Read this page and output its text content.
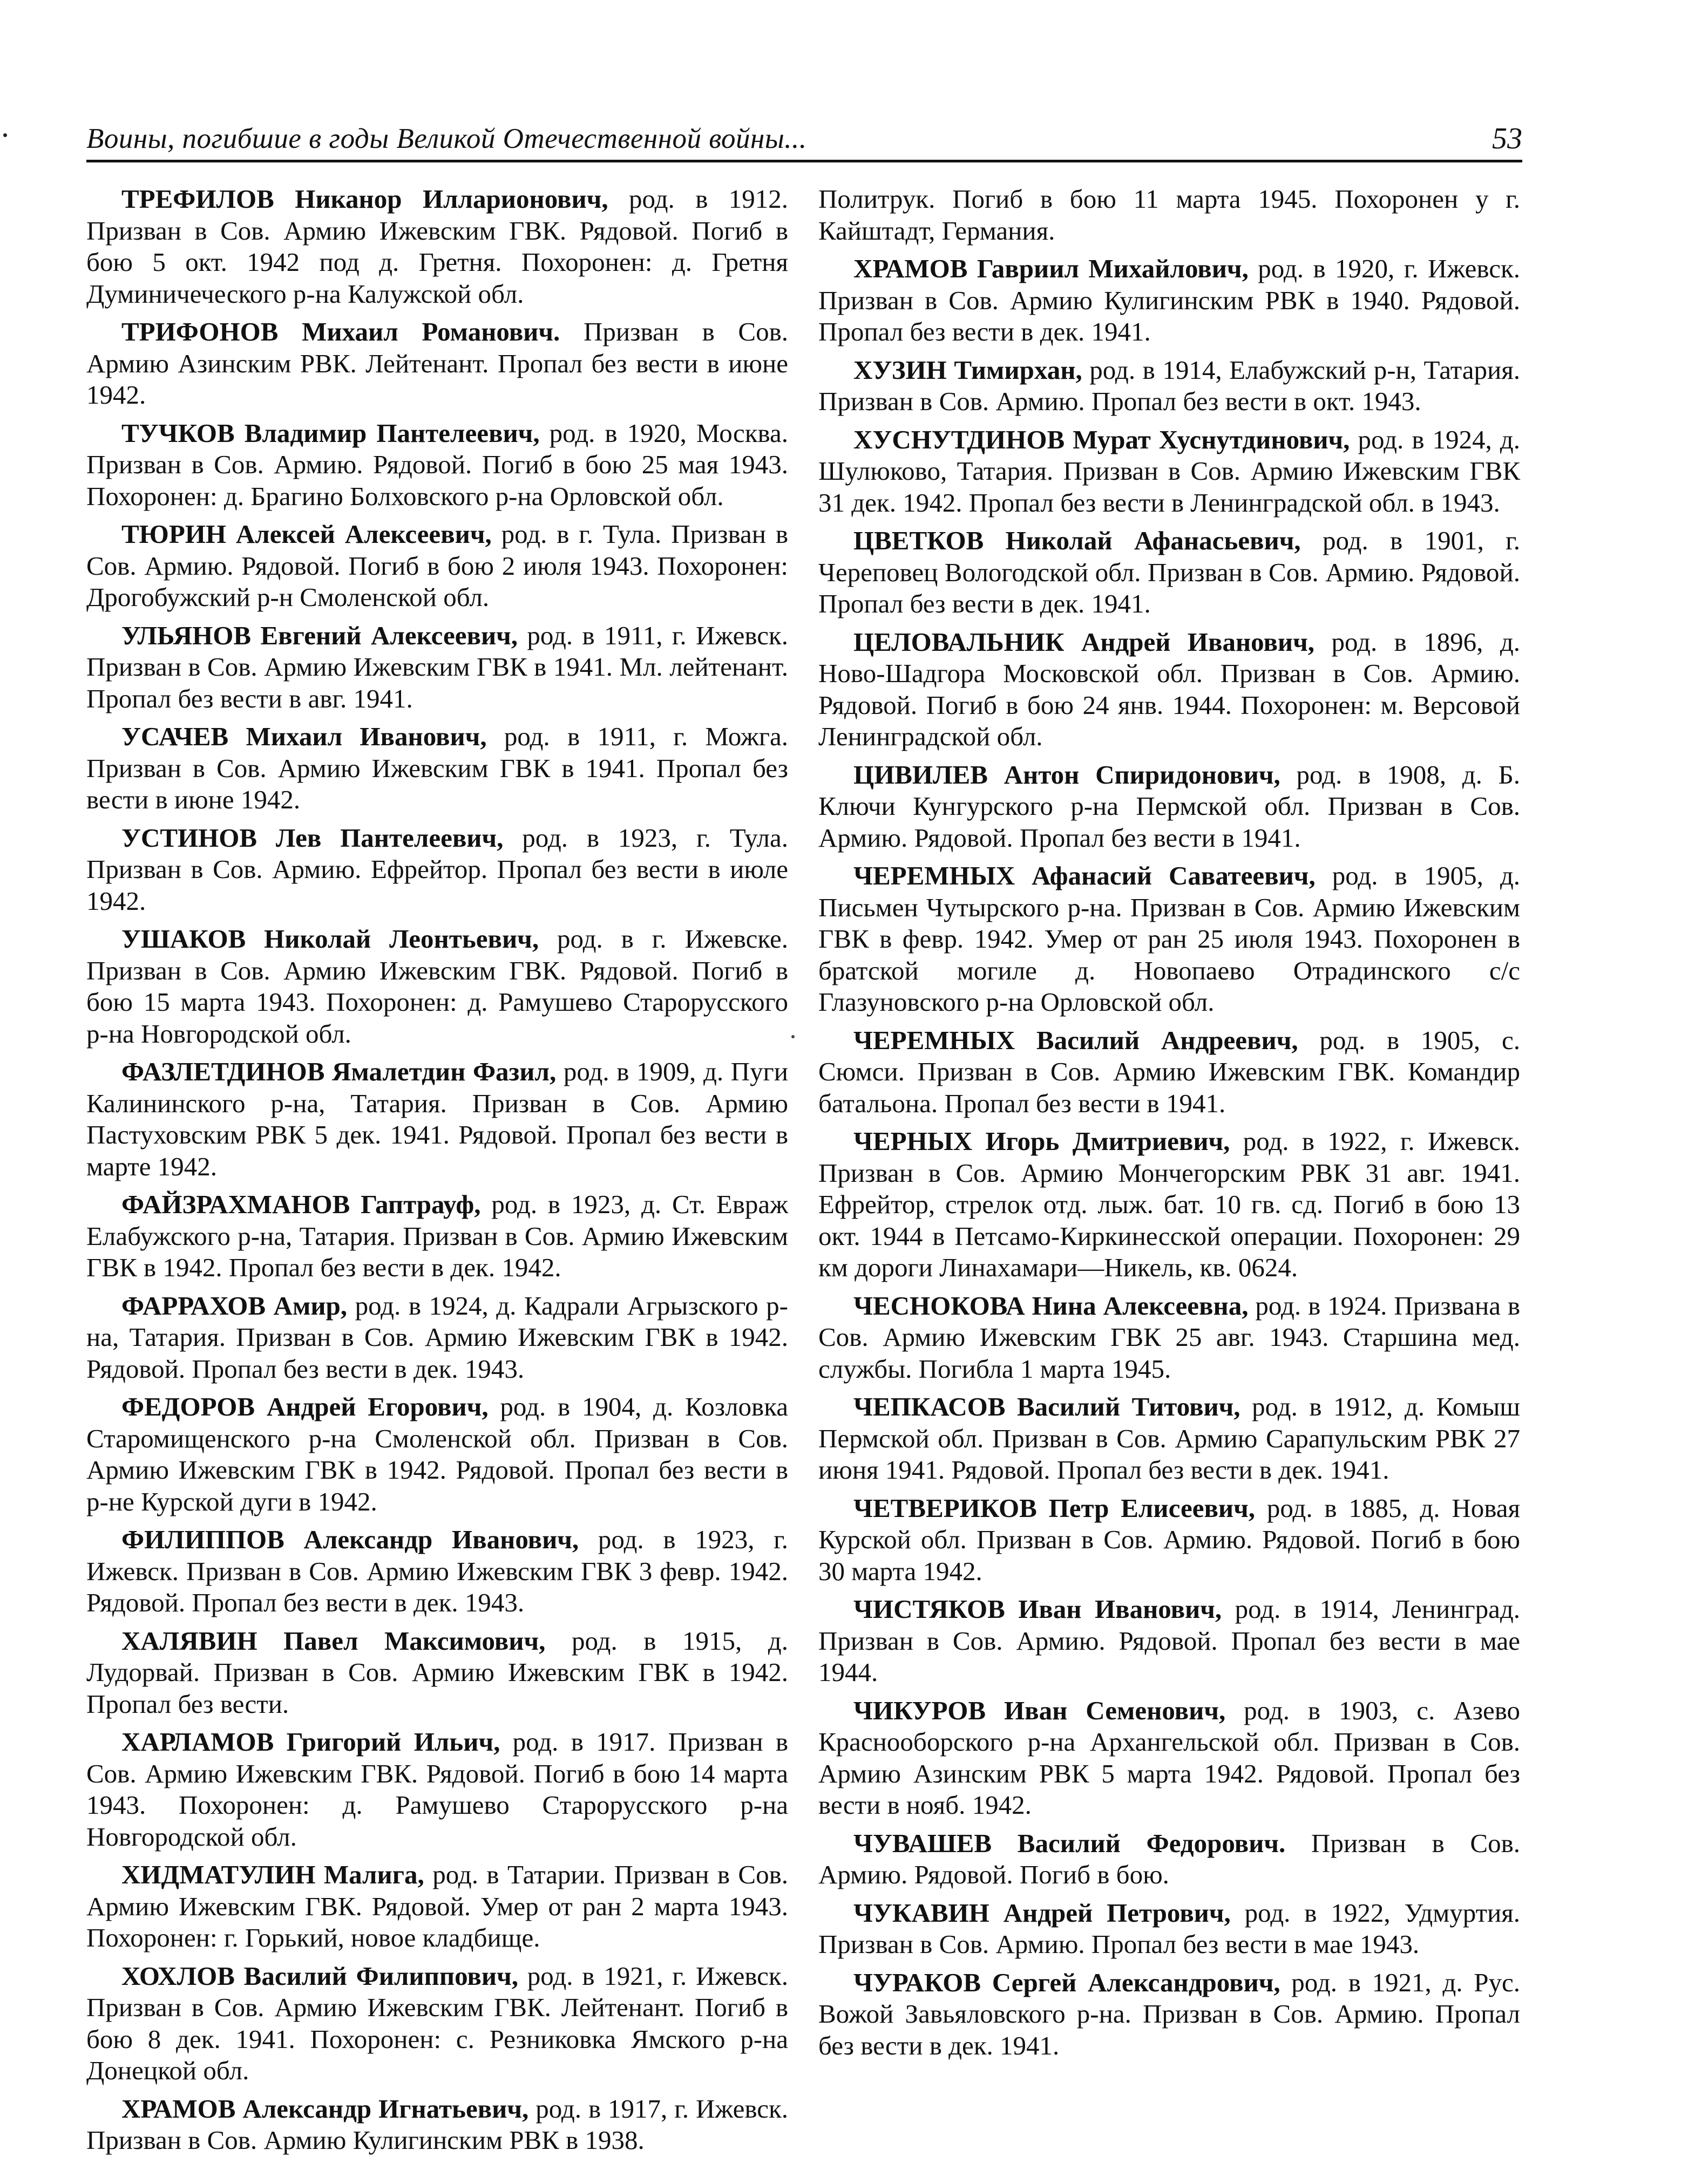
Воины, погибшие в годы Великой Отечественной войны...	53

ТРЕФИЛОВ Никанор Илларионович, род. в 1912. Призван в Сов. Армию Ижевским ГВК. Рядовой. Погиб в бою 5 окт. 1942 под д. Гретня. Похоронен: д. Гретня Думиничеческого р-на Калужской обл.

ТРИФОНОВ Михаил Романович. Призван в Сов. Армию Азинским РВК. Лейтенант. Пропал без вести в июне 1942.

ТУЧКОВ Владимир Пантелеевич, род. в 1920, Москва. Призван в Сов. Армию. Рядовой. Погиб в бою 25 мая 1943. Похоронен: д. Брагино Болховского р-на Орловской обл.

ТЮРИН Алексей Алексеевич, род. в г. Тула. Призван в Сов. Армию. Рядовой. Погиб в бою 2 июля 1943. Похоронен: Дрогобужский р-н Смоленской обл.

УЛЬЯНОВ Евгений Алексеевич, род. в 1911, г. Ижевск. Призван в Сов. Армию Ижевским ГВК в 1941. Мл. лейтенант. Пропал без вести в авг. 1941.

УСАЧЕВ Михаил Иванович, род. в 1911, г. Можга. Призван в Сов. Армию Ижевским ГВК в 1941. Пропал без вести в июне 1942.

УСТИНОВ Лев Пантелеевич, род. в 1923, г. Тула. Призван в Сов. Армию. Ефрейтор. Пропал без вести в июле 1942.

УШАКОВ Николай Леонтьевич, род. в г. Ижевске. Призван в Сов. Армию Ижевским ГВК. Рядовой. Погиб в бою 15 марта 1943. Похоронен: д. Рамушево Старорусского р-на Новгородской обл.

ФАЗЛЕТДИНОВ Ямалетдин Фазил, род. в 1909, д. Пуги Калининского р-на, Татария. Призван в Сов. Армию Пастуховским РВК 5 дек. 1941. Рядовой. Пропал без вести в марте 1942.

ФАЙЗРАХМАНОВ Гаптрауф, род. в 1923, д. Ст. Евраж Елабужского р-на, Татария. Призван в Сов. Армию Ижевским ГВК в 1942. Пропал без вести в дек. 1942.

ФАРРАХОВ Амир, род. в 1924, д. Кадрали Агрызского р-на, Татария. Призван в Сов. Армию Ижевским ГВК в 1942. Рядовой. Пропал без вести в дек. 1943.

ФЕДОРОВ Андрей Егорович, род. в 1904, д. Козловка Старомищенского р-на Смоленской обл. Призван в Сов. Армию Ижевским ГВК в 1942. Рядовой. Пропал без вести в р-не Курской дуги в 1942.

ФИЛИППОВ Александр Иванович, род. в 1923, г. Ижевск. Призван в Сов. Армию Ижевским ГВК 3 февр. 1942. Рядовой. Пропал без вести в дек. 1943.

ХАЛЯВИН Павел Максимович, род. в 1915, д. Лудорвай. Призван в Сов. Армию Ижевским ГВК в 1942. Пропал без вести.

ХАРЛАМОВ Григорий Ильич, род. в 1917. Призван в Сов. Армию Ижевским ГВК. Рядовой. Погиб в бою 14 марта 1943. Похоронен: д. Рамушево Старорусского р-на Новгородской обл.

ХИДМАТУЛИН Малига, род. в Татарии. Призван в Сов. Армию Ижевским ГВК. Рядовой. Умер от ран 2 марта 1943. Похоронен: г. Горький, новое кладбище.

ХОХЛОВ Василий Филиппович, род. в 1921, г. Ижевск. Призван в Сов. Армию Ижевским ГВК. Лейтенант. Погиб в бою 8 дек. 1941. Похоронен: с. Резниковка Ямского р-на Донецкой обл.

ХРАМОВ Александр Игнатьевич, род. в 1917, г. Ижевск. Призван в Сов. Армию Кулигинским РВК в 1938.

Политрук. Погиб в бою 11 марта 1945. Похоронен у г. Кайштадт, Германия.

ХРАМОВ Гавриил Михайлович, род. в 1920, г. Ижевск. Призван в Сов. Армию Кулигинским РВК в 1940. Рядовой. Пропал без вести в дек. 1941.

ХУЗИН Тимирхан, род. в 1914, Елабужский р-н, Татария. Призван в Сов. Армию. Пропал без вести в окт. 1943.

ХУСНУТДИНОВ Мурат Хуснутдинович, род. в 1924, д. Шулюково, Татария. Призван в Сов. Армию Ижевским ГВК 31 дек. 1942. Пропал без вести в Ленинградской обл. в 1943.

ЦВЕТКОВ Николай Афанасьевич, род. в 1901, г. Череповец Вологодской обл. Призван в Сов. Армию. Рядовой. Пропал без вести в дек. 1941.

ЦЕЛОВАЛЬНИК Андрей Иванович, род. в 1896, д. Ново-Шадгора Московской обл. Призван в Сов. Армию. Рядовой. Погиб в бою 24 янв. 1944. Похоронен: м. Версовой Ленинградской обл.

ЦИВИЛЕВ Антон Спиридонович, род. в 1908, д. Б. Ключи Кунгурского р-на Пермской обл. Призван в Сов. Армию. Рядовой. Пропал без вести в 1941.

ЧЕРЕМНЫХ Афанасий Саватеевич, род. в 1905, д. Письмен Чутырского р-на. Призван в Сов. Армию Ижевским ГВК в февр. 1942. Умер от ран 25 июля 1943. Похоронен в братской могиле д. Новопаево Отрадинского с/с Глазуновского р-на Орловской обл.

ЧЕРЕМНЫХ Василий Андреевич, род. в 1905, с. Сюмси. Призван в Сов. Армию Ижевским ГВК. Командир батальона. Пропал без вести в 1941.

ЧЕРНЫХ Игорь Дмитриевич, род. в 1922, г. Ижевск. Призван в Сов. Армию Мончегорским РВК 31 авг. 1941. Ефрейтор, стрелок отд. лыж. бат. 10 гв. сд. Погиб в бою 13 окт. 1944 в Петсамо-Киркинесской операции. Похоронен: 29 км дороги Линахамари—Никель, кв. 0624.

ЧЕСНОКОВА Нина Алексеевна, род. в 1924. Призвана в Сов. Армию Ижевским ГВК 25 авг. 1943. Старшина мед. службы. Погибла 1 марта 1945.

ЧЕПКАСОВ Василий Титович, род. в 1912, д. Комыш Пермской обл. Призван в Сов. Армию Сарапульским РВК 27 июня 1941. Рядовой. Пропал без вести в дек. 1941.

ЧЕТВЕРИКОВ Петр Елисеевич, род. в 1885, д. Новая Курской обл. Призван в Сов. Армию. Рядовой. Погиб в бою 30 марта 1942.

ЧИСТЯКОВ Иван Иванович, род. в 1914, Ленинград. Призван в Сов. Армию. Рядовой. Пропал без вести в мае 1944.

ЧИКУРОВ Иван Семенович, род. в 1903, с. Азево Краснооборского р-на Архангельской обл. Призван в Сов. Армию Азинским РВК 5 марта 1942. Рядовой. Пропал без вести в нояб. 1942.

ЧУВАШЕВ Василий Федорович. Призван в Сов. Армию. Рядовой. Погиб в бою.

ЧУКАВИН Андрей Петрович, род. в 1922, Удмуртия. Призван в Сов. Армию. Пропал без вести в мае 1943.

ЧУРАКОВ Сергей Александрович, род. в 1921, д. Рус. Вожой Завьяловского р-на. Призван в Сов. Армию. Пропал без вести в дек. 1941.
